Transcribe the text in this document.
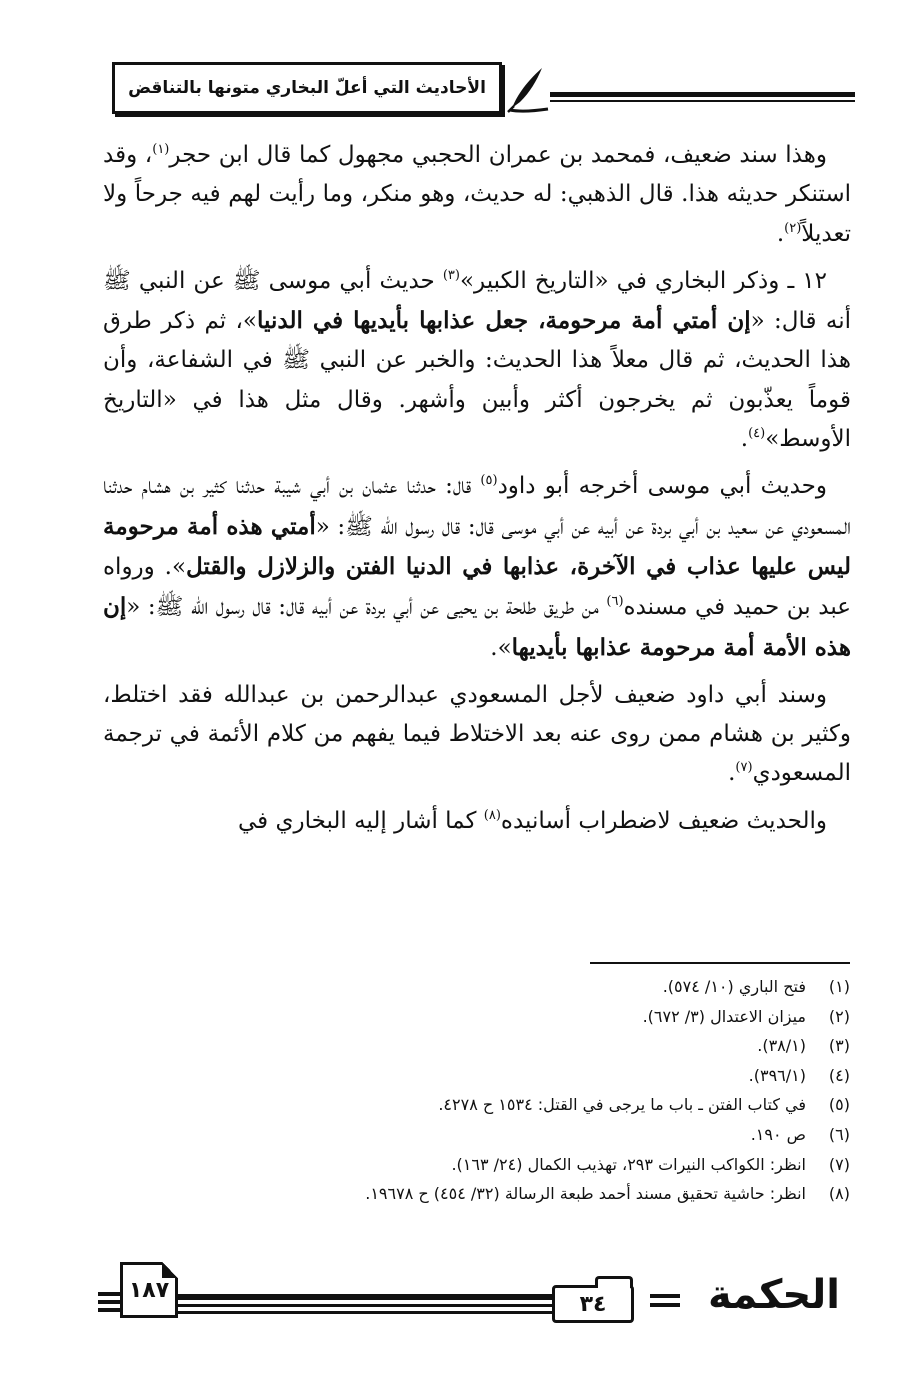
الأحاديث التي أعلّ البخاري متونها بالتناقض

وهذا سند ضعيف، فمحمد بن عمران الحجبي مجهول كما قال ابن حجر$^{(١)}$، وقد استنكر حديثه هذا. قال الذهبي: له حديث، وهو منكر، وما رأيت لهم فيه جرحاً ولا تعديلاً$^{(٢)}$.

١٢ ـ وذكر البخاري في «التاريخ الكبير»$^{(٣)}$ حديث أبي موسى ﷺ عن النبي ﷺ أنه قال: «إن أمتي أمة مرحومة، جعل عذابها بأيديها في الدنيا»، ثم ذكر طرق هذا الحديث، ثم قال معلاً هذا الحديث: والخبر عن النبي ﷺ في الشفاعة، وأن قوماً يعذّبون ثم يخرجون أكثر وأبين وأشهر. وقال مثل هذا في «التاريخ الأوسط»$^{(٤)}$.

وحديث أبي موسى أخرجه أبو داود$^{(٥)}$ قال: حدثنا عثمان بن أبي شيبة حدثنا كثير بن هشام حدثنا المسعودي عن سعيد بن أبي بردة عن أبيه عن أبي موسى قال: قال رسول الله ﷺ: «أمتي هذه أمة مرحومة ليس عليها عذاب في الآخرة، عذابها في الدنيا الفتن والزلازل والقتل». ورواه عبد بن حميد في مسنده$^{(٦)}$ من طريق طلحة بن يحيى عن أبي بردة عن أبيه قال: قال رسول الله ﷺ: «إن هذه الأمة أمة مرحومة عذابها بأيديها».

وسند أبي داود ضعيف لأجل المسعودي عبدالرحمن بن عبدالله فقد اختلط، وكثير بن هشام ممن روى عنه بعد الاختلاط فيما يفهم من كلام الأئمة في ترجمة المسعودي$^{(٧)}$.

والحديث ضعيف لاضطراب أسانيده$^{(٨)}$ كما أشار إليه البخاري في

(١)
فتح الباري (١٠/ ٥٧٤).
(٢)
ميزان الاعتدال (٣/ ٦٧٢).
(٣)
(٣٨/١).
(٤)
(٣٩٦/١).
(٥)
في كتاب الفتن ـ باب ما يرجى في القتل: ١٥٣٤ ح ٤٢٧٨.
(٦)
ص ١٩٠.
(٧)
انظر: الكواكب النيرات ٢٩٣، تهذيب الكمال (٢٤/ ١٦٣).
(٨)
انظر: حاشية تحقيق مسند أحمد طبعة الرسالة (٣٢/ ٤٥٤) ح ١٩٦٧٨.
١٨٧
٣٤	الحكمة
